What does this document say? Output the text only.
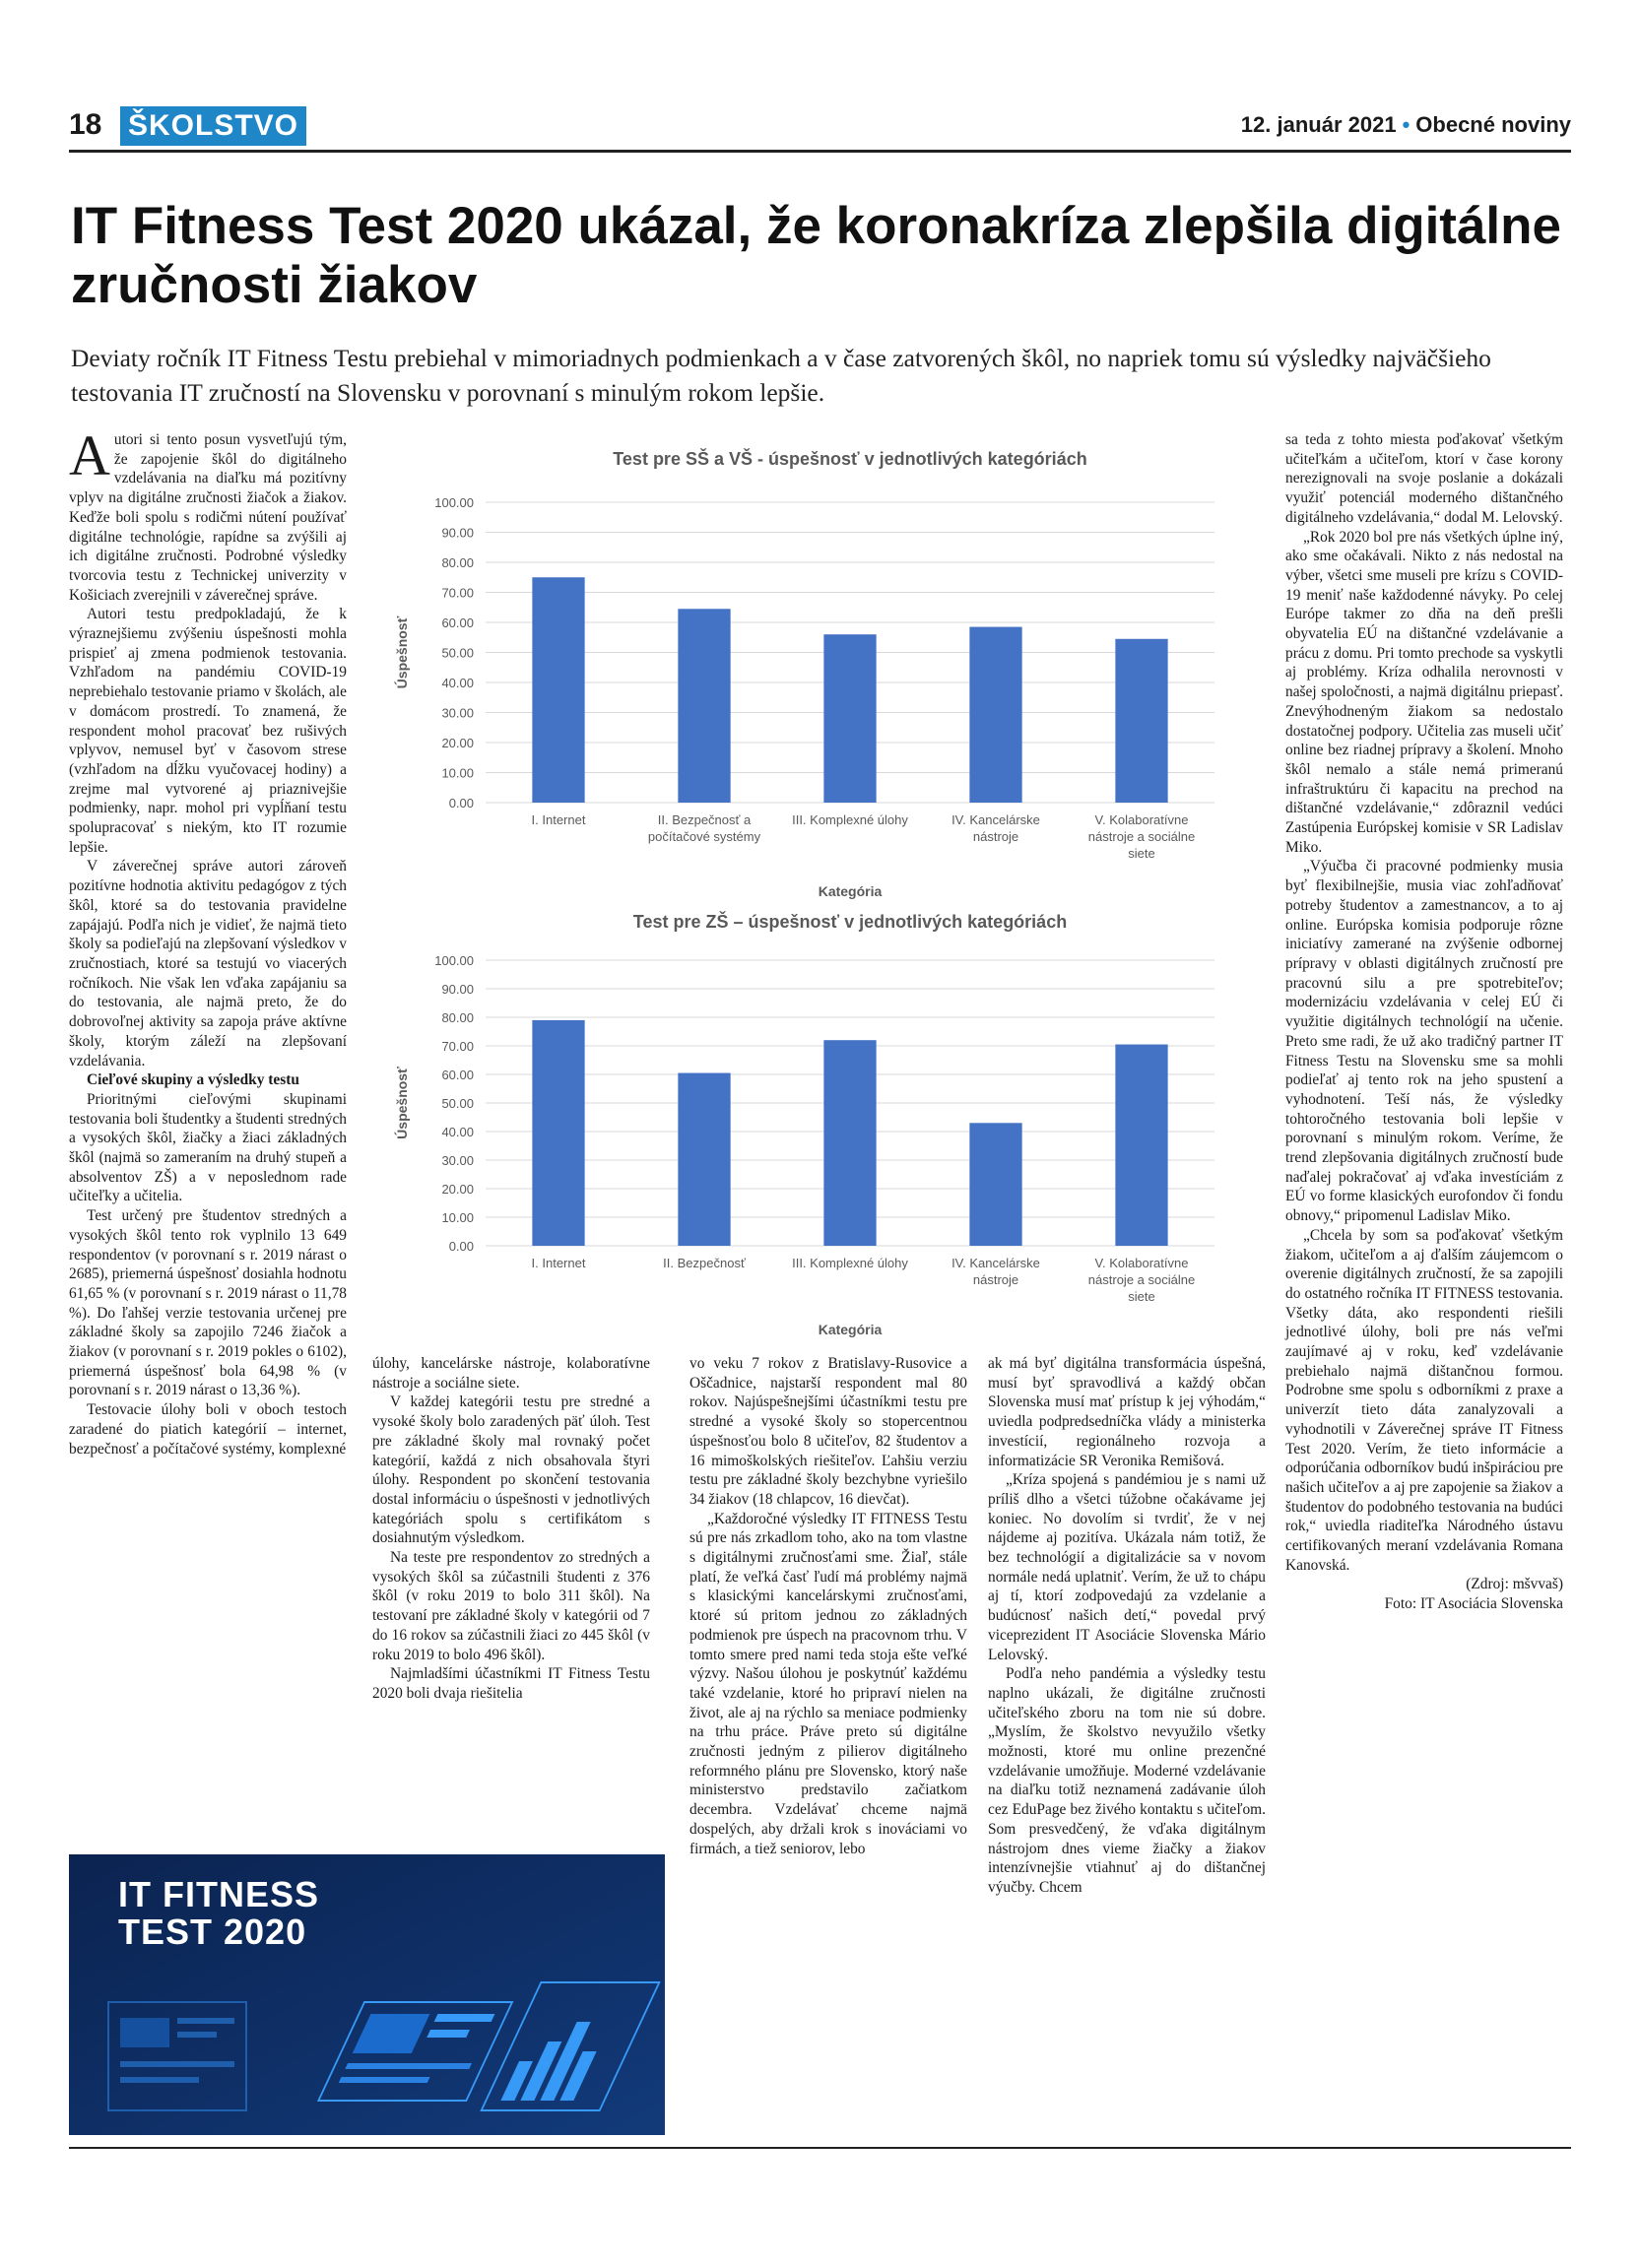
18 ŠKOLSTVO	12. január 2021 • Obecné noviny
IT Fitness Test 2020 ukázal, že koronakríza zlepšila digitálne zručnosti žiakov

Deviaty ročník IT Fitness Testu prebiehal v mimoriadnych podmienkach a v čase zatvorených škôl, no napriek tomu sú výsledky najväčšieho testovania IT zručností na Slovensku v porovnaní s minulým rokom lepšie.

Autori si tento posun vysvetľujú tým, že zapojenie škôl do digitálneho vzdelávania na diaľku má pozitívny vplyv na digitálne zručnosti žiačok a žiakov. Keďže boli spolu s rodičmi nútení používať digitálne technológie, rapídne sa zvýšili aj ich digitálne zručnosti. Podrobné výsledky tvorcovia testu z Technickej univerzity v Košiciach zverejnili v záverečnej správe.

Autori testu predpokladajú, že k výraznejšiemu zvýšeniu úspešnosti mohla prispieť aj zmena podmienok testovania. Vzhľadom na pandémiu COVID-19 neprebiehalo testovanie priamo v školách, ale v domácom prostredí. To znamená, že respondent mohol pracovať bez rušivých vplyvov, nemusel byť v časovom strese (vzhľadom na dĺžku vyučovacej hodiny) a zrejme mal vytvorené aj priaznivejšie podmienky, napr. mohol pri vypĺňaní testu spolupracovať s niekým, kto IT rozumie lepšie.

V záverečnej správe autori zároveň pozitívne hodnotia aktivitu pedagógov z tých škôl, ktoré sa do testovania pravidelne zapájajú. Podľa nich je vidieť, že najmä tieto školy sa podieľajú na zlepšovaní výsledkov v zručnostiach, ktoré sa testujú vo viacerých ročníkoch. Nie však len vďaka zapájaniu sa do testovania, ale najmä preto, že do dobrovoľnej aktivity sa zapoja práve aktívne školy, ktorým záleží na zlepšovaní vzdelávania.

Cieľové skupiny a výsledky testu

Prioritnými cieľovými skupinami testovania boli študentky a študenti stredných a vysokých škôl, žiačky a žiaci základných škôl (najmä so zameraním na druhý stupeň a absolventov ZŠ) a v neposlednom rade učiteľky a učitelia.

Test určený pre študentov stredných a vysokých škôl tento rok vyplnilo 13 649 respondentov (v porovnaní s r. 2019 nárast o 2685), priemerná úspešnosť dosiahla hodnotu 61,65 % (v porovnaní s r. 2019 nárast o 11,78 %). Do ľahšej verzie testovania určenej pre základné školy sa zapojilo 7246 žiačok a žiakov (v porovnaní s r. 2019 pokles o 6102), priemerná úspešnosť bola 64,98 % (v porovnaní s r. 2019 nárast o 13,36 %).

Testovacie úlohy boli v oboch testoch zaradené do piatich kategórií – internet, bezpečnosť a počítačové systémy, komplexné

Test pre SŠ a VŠ - úspešnosť v jednotlivých kategóriách
0.00
10.00
20.00
30.00
40.00
50.00
60.00
70.00
80.00
90.00
100.00
Úspešnosť
I. Internet	II. Bezpečnosť a počítačové systémy
III. Komplexné úlohy	IV. Kancelárske nástroje
V. Kolaboratívne nástroje a sociálne siete
Kategória
Test pre ZŠ – úspešnosť v jednotlivých kategóriách
0.00
10.00
20.00
30.00
40.00
50.00
60.00
70.00
80.00
90.00
100.00
Úspešnosť
I. Internet	II. Bezpečnosť	III. Komplexné úlohy	IV. Kancelárske nástroje
V. Kolaboratívne nástroje a sociálne siete
Kategória

úlohy, kancelárske nástroje, kolaboratívne nástroje a sociálne siete.

V každej kategórii testu pre stredné a vysoké školy bolo zaradených päť úloh. Test pre základné školy mal rovnaký počet kategórií, každá z nich obsahovala štyri úlohy. Respondent po skončení testovania dostal informáciu o úspešnosti v jednotlivých kategóriách spolu s certifikátom s dosiahnutým výsledkom.

Na teste pre respondentov zo stredných a vysokých škôl sa zúčastnili študenti z 376 škôl (v roku 2019 to bolo 311 škôl). Na testovaní pre základné školy v kategórii od 7 do 16 rokov sa zúčastnili žiaci zo 445 škôl (v roku 2019 to bolo 496 škôl).

Najmladšími účastníkmi IT Fitness Testu 2020 boli dvaja riešitelia

vo veku 7 rokov z Bratislavy-Rusovice a Oščadnice, najstarší respondent mal 80 rokov. Najúspešnejšími účastníkmi testu pre stredné a vysoké školy so stopercentnou úspešnosťou bolo 8 učiteľov, 82 študentov a 16 mimoškolských riešiteľov. Ľahšiu verziu testu pre základné školy bezchybne vyriešilo 34 žiakov (18 chlapcov, 16 dievčat).

„Každoročné výsledky IT FITNESS Testu sú pre nás zrkadlom toho, ako na tom vlastne s digitálnymi zručnosťami sme. Žiaľ, stále platí, že veľká časť ľudí má problémy najmä s klasickými kancelárskymi zručnosťami, ktoré sú pritom jednou zo základných podmienok pre úspech na pracovnom trhu. V tomto smere pred nami teda stoja ešte veľké výzvy. Našou úlohou je poskytnúť každému také vzdelanie, ktoré ho pripraví nielen na život, ale aj na rýchlo sa meniace podmienky na trhu práce. Práve preto sú digitálne zručnosti jedným z pilierov digitálneho reformného plánu pre Slovensko, ktorý naše ministerstvo predstavilo začiatkom decembra. Vzdelávať chceme najmä dospelých, aby držali krok s inováciami vo firmách, a tiež seniorov, lebo

ak má byť digitálna transformácia úspešná, musí byť spravodlivá a každý občan Slovenska musí mať prístup k jej výhodám,“ uviedla podpredsedníčka vlády a ministerka investícií, regionálneho rozvoja a informatizácie SR Veronika Remišová.

„Kríza spojená s pandémiou je s nami už príliš dlho a všetci túžobne očakávame jej koniec. No dovolím si tvrdiť, že v nej nájdeme aj pozitíva. Ukázala nám totiž, že bez technológií a digitalizácie sa v novom normále nedá uplatniť. Verím, že už to chápu aj tí, ktorí zodpovedajú za vzdelanie a budúcnosť našich detí,“ povedal prvý viceprezident IT Asociácie Slovenska Mário Lelovský.

Podľa neho pandémia a výsledky testu naplno ukázali, že digitálne zručnosti učiteľského zboru na tom nie sú dobre. „Myslím, že školstvo nevyužilo všetky možnosti, ktoré mu online prezenčné vzdelávanie umožňuje. Moderné vzdelávanie na diaľku totiž neznamená zadávanie úloh cez EduPage bez živého kontaktu s učiteľom. Som presvedčený, že vďaka digitálnym nástrojom dnes vieme žiačky a žiakov intenzívnejšie vtiahnuť aj do dištančnej výučby. Chcem

sa teda z tohto miesta poďakovať všetkým učiteľkám a učiteľom, ktorí v čase korony nerezignovali na svoje poslanie a dokázali využiť potenciál moderného dištančného digitálneho vzdelávania,“ dodal M. Lelovský.

„Rok 2020 bol pre nás všetkých úplne iný, ako sme očakávali. Nikto z nás nedostal na výber, všetci sme museli pre krízu s COVID-19 meniť naše každodenné návyky. Po celej Európe takmer zo dňa na deň prešli obyvatelia EÚ na dištančné vzdelávanie a prácu z domu. Pri tomto prechode sa vyskytli aj problémy. Kríza odhalila nerovnosti v našej spoločnosti, a najmä digitálnu priepasť. Znevýhodneným žiakom sa nedostalo dostatočnej podpory. Učitelia zas museli učiť online bez riadnej prípravy a školení. Mnoho škôl nemalo a stále nemá primeranú infraštruktúru či kapacitu na prechod na dištančné vzdelávanie,“ zdôraznil vedúci Zastúpenia Európskej komisie v SR Ladislav Miko.

„Výučba či pracovné podmienky musia byť flexibilnejšie, musia viac zohľadňovať potreby študentov a zamestnancov, a to aj online. Európska komisia podporuje rôzne iniciatívy zamerané na zvýšenie odbornej prípravy v oblasti digitálnych zručností pre pracovnú silu a pre spotrebiteľov; modernizáciu vzdelávania v celej EÚ či využitie digitálnych technológií na učenie. Preto sme radi, že už ako tradičný partner IT Fitness Testu na Slovensku sme sa mohli podieľať aj tento rok na jeho spustení a vyhodnotení. Teší nás, že výsledky tohtoročného testovania boli lepšie v porovnaní s minulým rokom. Veríme, že trend zlepšovania digitálnych zručností bude naďalej pokračovať aj vďaka investíciám z EÚ vo forme klasických eurofondov či fondu obnovy,“ pripomenul Ladislav Miko.

„Chcela by som sa poďakovať všetkým žiakom, učiteľom a aj ďalším záujemcom o overenie digitálnych zručností, že sa zapojili do ostatného ročníka IT FITNESS testovania. Všetky dáta, ako respondenti riešili jednotlivé úlohy, boli pre nás veľmi zaujímavé aj v roku, keď vzdelávanie prebiehalo najmä dištančnou formou. Podrobne sme spolu s odborníkmi z praxe a univerzít tieto dáta zanalyzovali a vyhodnotili v Záverečnej správe IT Fitness Test 2020. Verím, že tieto informácie a odporúčania odborníkov budú inšpiráciou pre našich učiteľov a aj pre zapojenie sa žiakov a študentov do podobného testovania na budúci rok,“ uviedla riaditeľka Národného ústavu certifikovaných meraní vzdelávania Romana Kanovská.

(Zdroj: mšvvaš)

Foto: IT Asociácia Slovenska

IT FITNESS
TEST 2020
